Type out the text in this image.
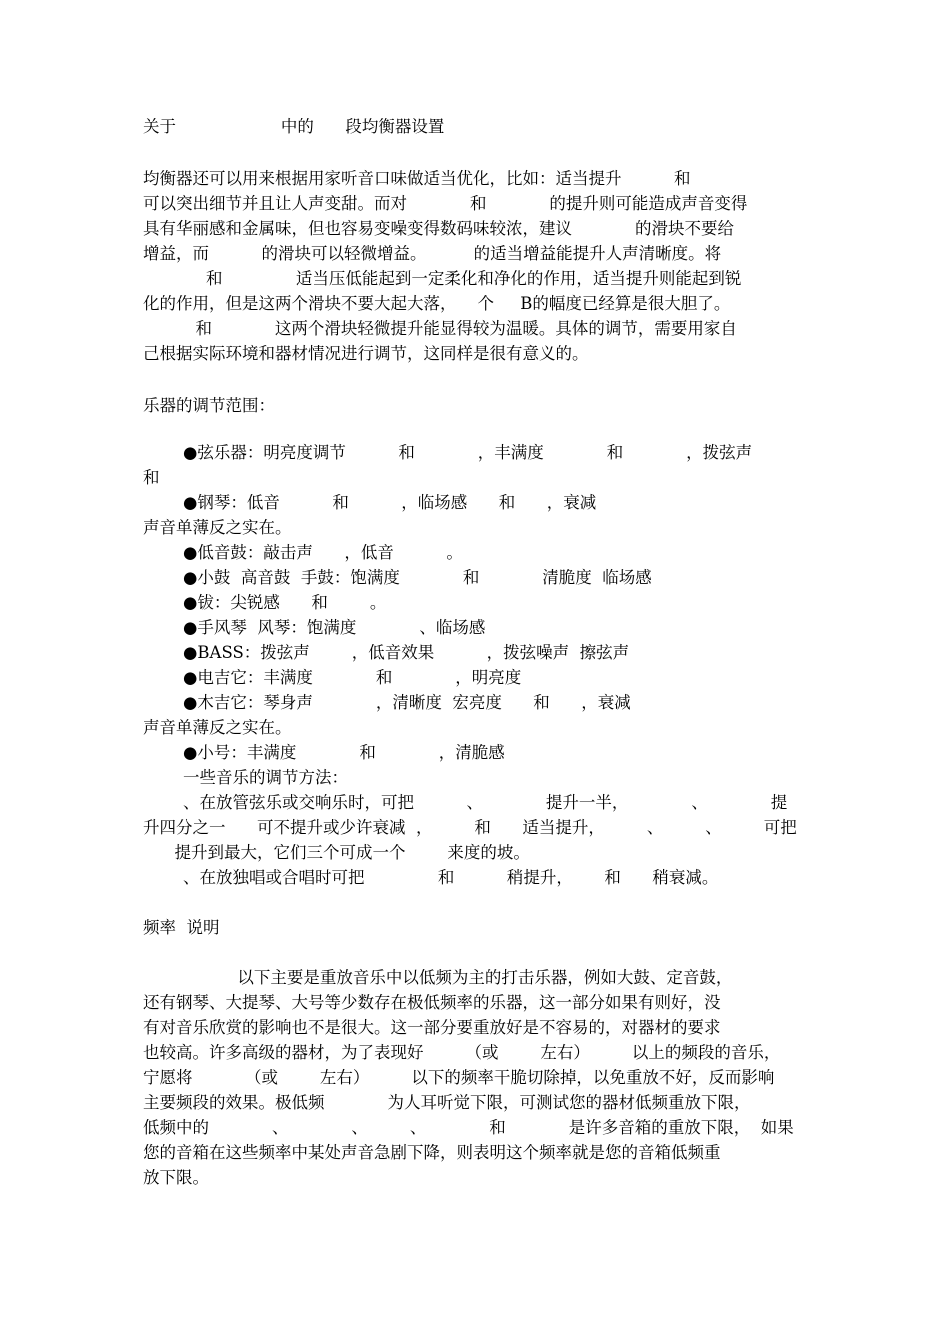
关于                    中的      段均衡器设置
均衡器还可以用来根据用家听音口味做适当优化，比如：适当提升          和
可以突出细节并且让人声变甜。而对            和            的提升则可能造成声音变得
具有华丽感和金属味，但也容易变噪变得数码味较浓，建议            的滑块不要给
增益，而          的滑块可以轻微增益。         的适当增益能提升人声清晰度。将
和              适当压低能起到一定柔化和净化的作用，适当提升则能起到锐
化的作用，但是这两个滑块不要大起大落，    个     B的幅度已经算是很大胆了。
和            这两个滑块轻微提升能显得较为温暖。具体的调节，需要用家自
己根据实际环境和器材情况进行调节，这同样是很有意义的。
乐器的调节范围：
●弦乐器：明亮度调节          和            ，丰满度            和            ，拨弦声
和
●钢琴：低音          和          ，临场感      和      ，衰减
声音单薄反之实在。
●低音鼓：敲击声      ，低音          。
●小鼓  高音鼓  手鼓：饱满度            和            清脆度  临场感
●钹：尖锐感      和        。
●手风琴  风琴：饱满度            、临场感
●BASS：拨弦声        ，低音效果          ，拨弦噪声  擦弦声
●电吉它：丰满度            和            ，明亮度
●木吉它：琴身声            ，清晰度  宏亮度      和      ，衰减
声音单薄反之实在。
●小号：丰满度            和            ，清脆感
一些音乐的调节方法：
、在放管弦乐或交响乐时，可把          、            提升一半，            、            提
升四分之一      可不提升或少许衰减  ，        和      适当提升，        、        、        可把
提升到最大，它们三个可成一个        来度的坡。
、在放独唱或合唱时可把              和          稍提升，      和      稍衰减。
频率  说明
以下主要是重放音乐中以低频为主的打击乐器，例如大鼓、定音鼓，
还有钢琴、大提琴、大号等少数存在极低频率的乐器，这一部分如果有则好，没
有对音乐欣赏的影响也不是很大。这一部分要重放好是不容易的，对器材的要求
也较高。许多高级的器材，为了表现好        （或        左右）        以上的频段的音乐，
宁愿将          （或        左右）        以下的频率干脆切除掉，以免重放不好，反而影响
主要频段的效果。极低频            为人耳听觉下限，可测试您的器材低频重放下限，
低频中的            、            、        、            和            是许多音箱的重放下限，  如果
您的音箱在这些频率中某处声音急剧下降，则表明这个频率就是您的音箱低频重
放下限。
